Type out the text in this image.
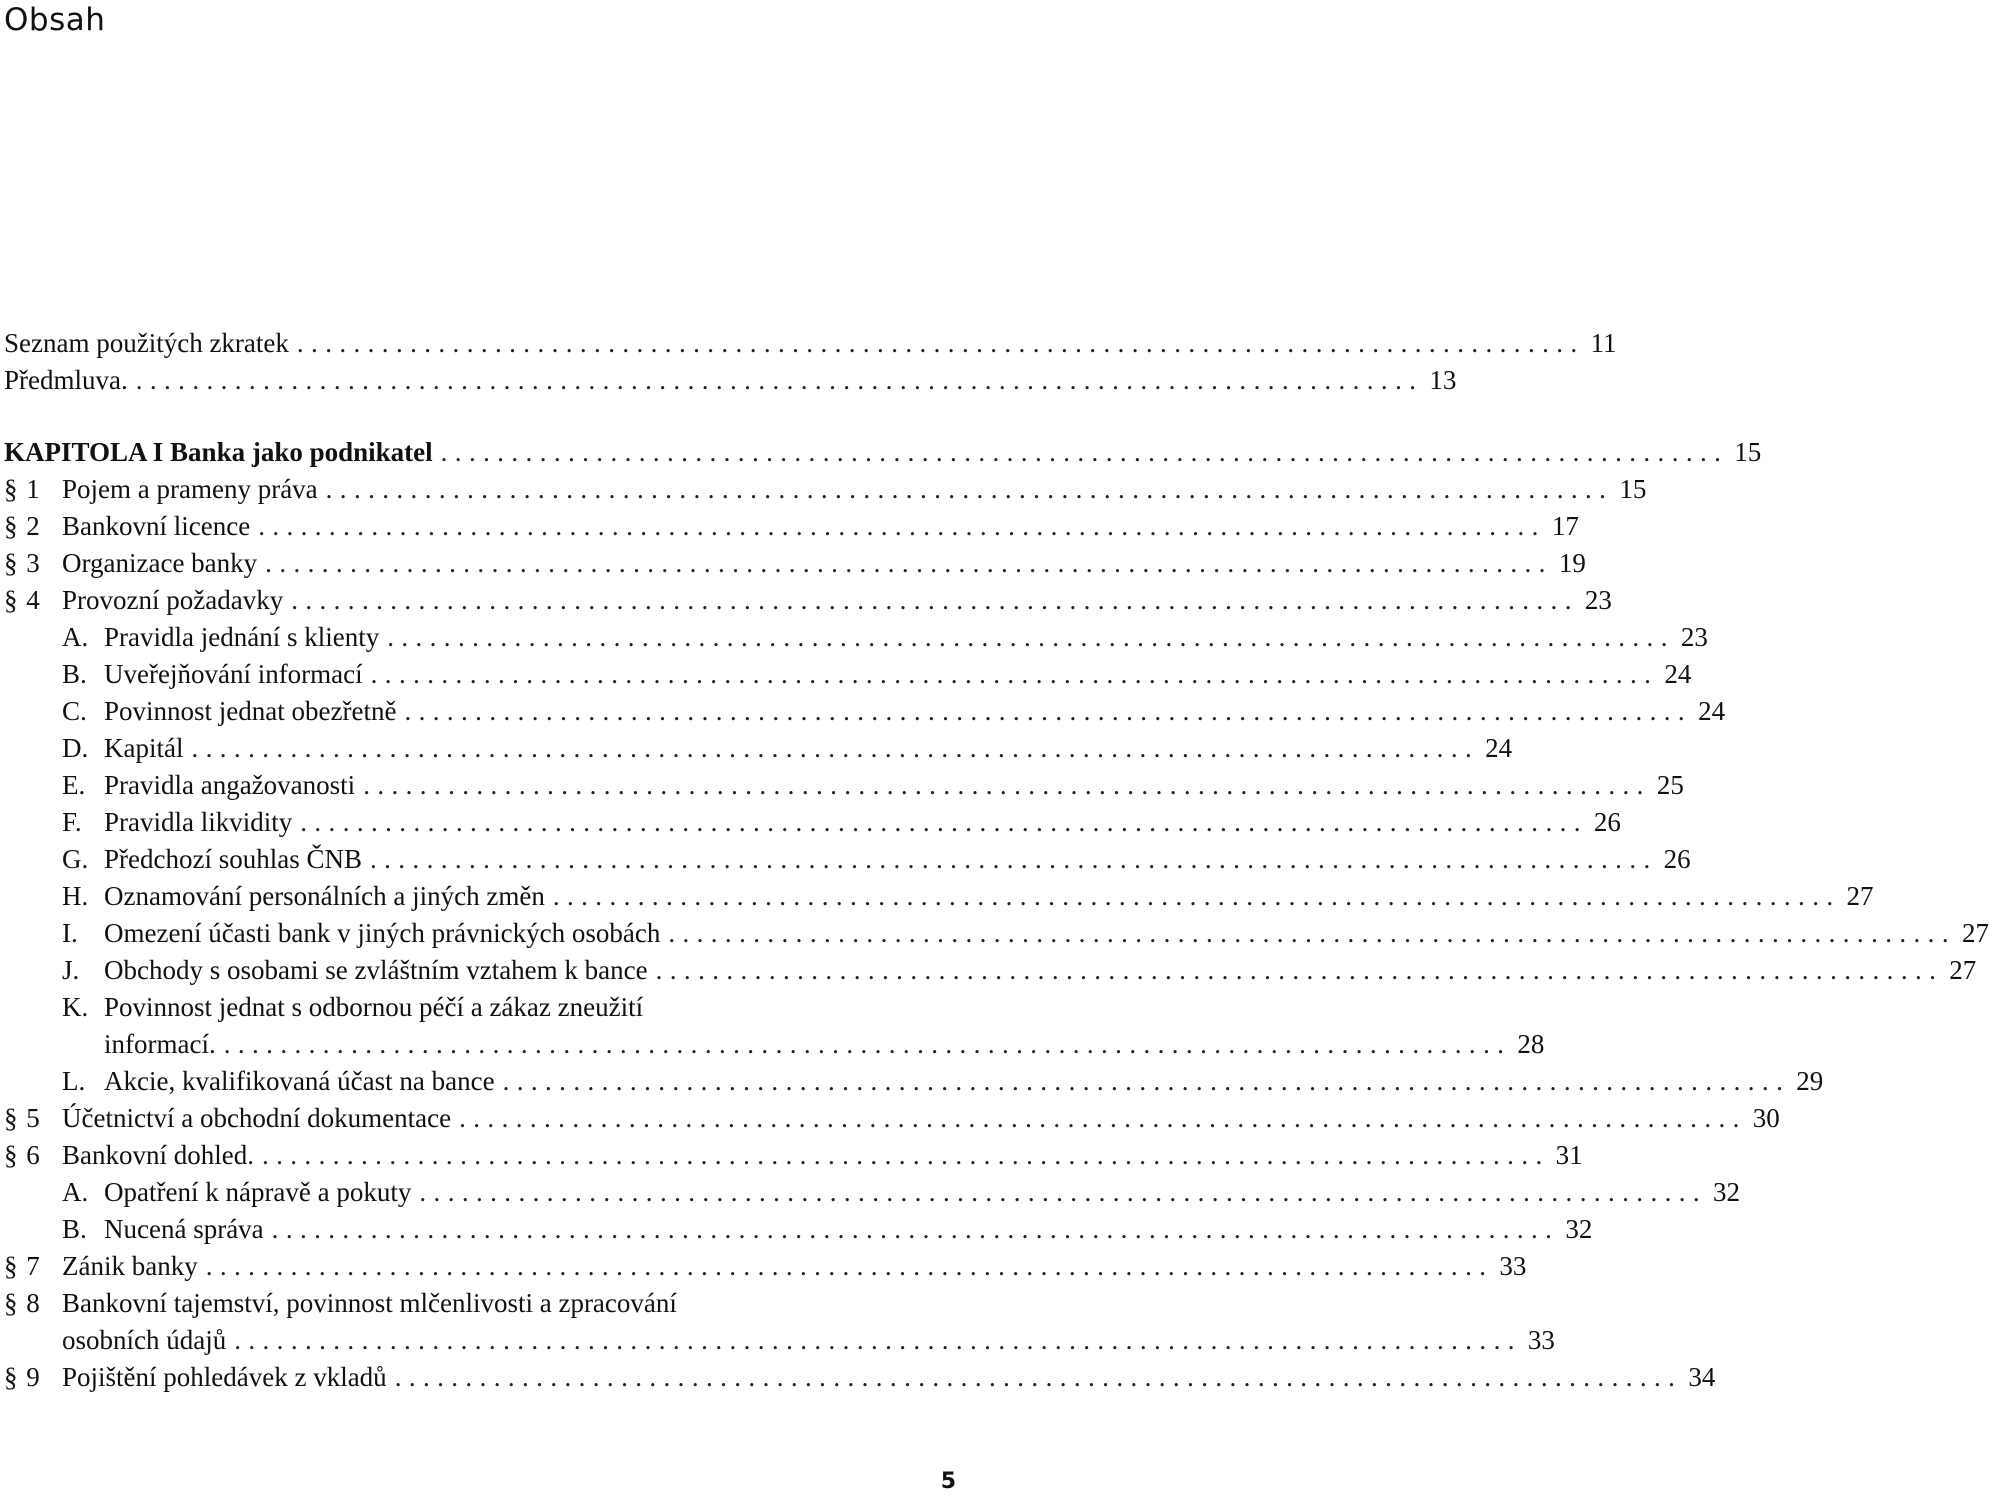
Obsah
Seznam použitých zkratek ........................................................................................... 11
Předmluva. ........................................................................................... 13
KAPITOLA I Banka jako podnikatel ........................................................................................... 15
§ 1 Pojem a prameny práva ........................................................................................... 15
§ 2 Bankovní licence ........................................................................................... 17
§ 3 Organizace banky ........................................................................................... 19
§ 4 Provozní požadavky ........................................................................................... 23
A. Pravidla jednání s klienty ........................................................................................... 23
B. Uveřejňování informací ........................................................................................... 24
C. Povinnost jednat obezřetně ........................................................................................... 24
D. Kapitál ........................................................................................... 24
E. Pravidla angažovanosti ........................................................................................... 25
F. Pravidla likvidity ........................................................................................... 26
G. Předchozí souhlas ČNB ........................................................................................... 26
H. Oznamování personálních a jiných změn ........................................................................................... 27
I. Omezení účasti bank v jiných právnických osobách ........................................................................................... 27
J. Obchody s osobami se zvláštním vztahem k bance ........................................................................................... 27
K. Povinnost jednat s odbornou péčí a zákaz zneužití
informací. ........................................................................................... 28
L. Akcie, kvalifikovaná účast na bance ........................................................................................... 29
§ 5 Účetnictví a obchodní dokumentace ........................................................................................... 30
§ 6 Bankovní dohled. ........................................................................................... 31
A. Opatření k nápravě a pokuty ........................................................................................... 32
B. Nucená správa ........................................................................................... 32
§ 7 Zánik banky ........................................................................................... 33
§ 8 Bankovní tajemství, povinnost mlčenlivosti a zpracování
osobních údajů ........................................................................................... 33
§ 9 Pojištění pohledávek z vkladů ........................................................................................... 34
5
